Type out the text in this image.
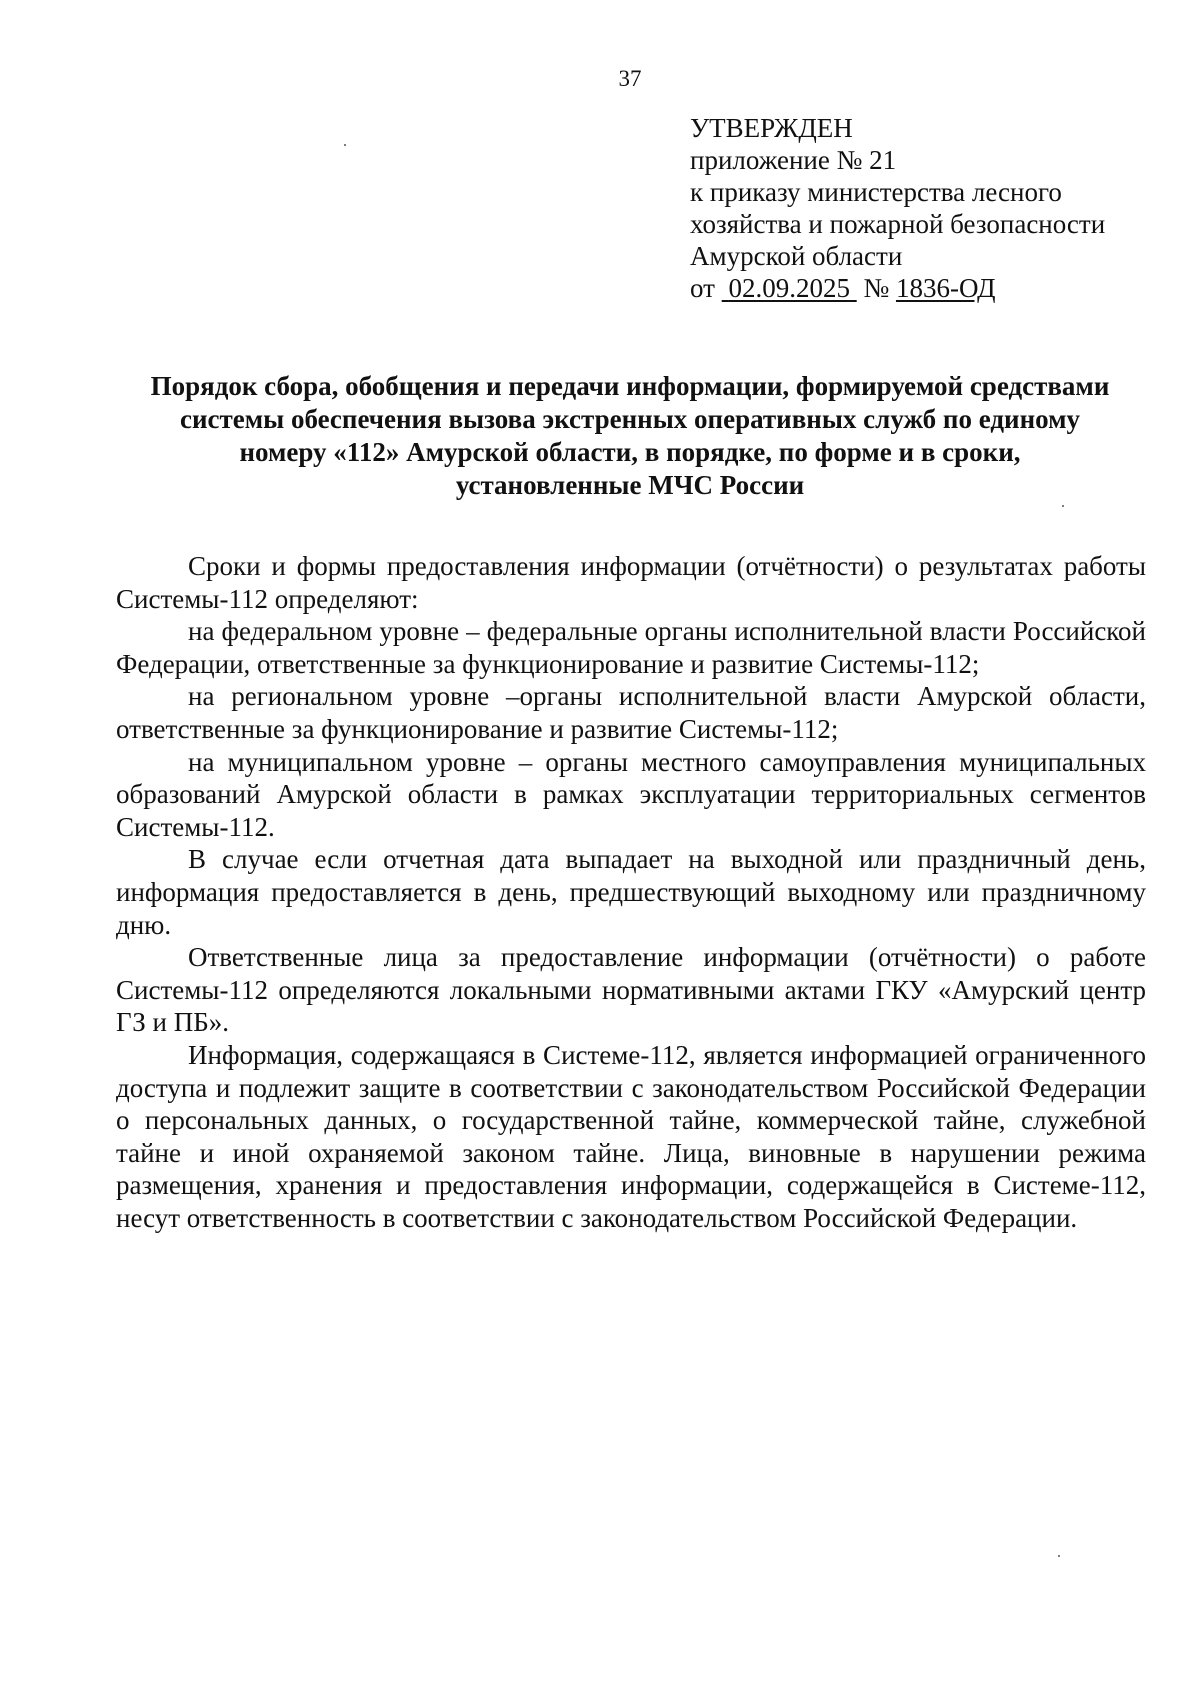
37
УТВЕРЖДЕН
приложение № 21
к приказу министерства лесного
хозяйства и пожарной безопасности
Амурской области
от 02.09.2025 № 1836-ОД
Порядок сбора, обобщения и передачи информации, формируемой средствами
системы обеспечения вызова экстренных оперативных служб по единому
номеру «112» Амурской области, в порядке, по форме и в сроки,
установленные МЧС России

Сроки и формы предоставления информации (отчётности) о результатах работы Системы-112 определяют:

на федеральном уровне – федеральные органы исполнительной власти Российской Федерации, ответственные за функционирование и развитие Системы-112;

на региональном уровне –органы исполнительной власти Амурской области, ответственные за функционирование и развитие Системы-112;

на муниципальном уровне – органы местного самоуправления муниципальных образований Амурской области в рамках эксплуатации территориальных сегментов Системы-112.

В случае если отчетная дата выпадает на выходной или праздничный день, информация предоставляется в день, предшествующий выходному или праздничному дню.

Ответственные лица за предоставление информации (отчётности) о работе Системы-112 определяются локальными нормативными актами ГКУ «Амурский центр ГЗ и ПБ».

Информация, содержащаяся в Системе-112, является информацией ограниченного доступа и подлежит защите в соответствии с законодательством Российской Федерации о персональных данных, о государственной тайне, коммерческой тайне, служебной тайне и иной охраняемой законом тайне. Лица, виновные в нарушении режима размещения, хранения и предоставления информации, содержащейся в Системе-112, несут ответственность в соответствии с законодательством Российской Федерации.
